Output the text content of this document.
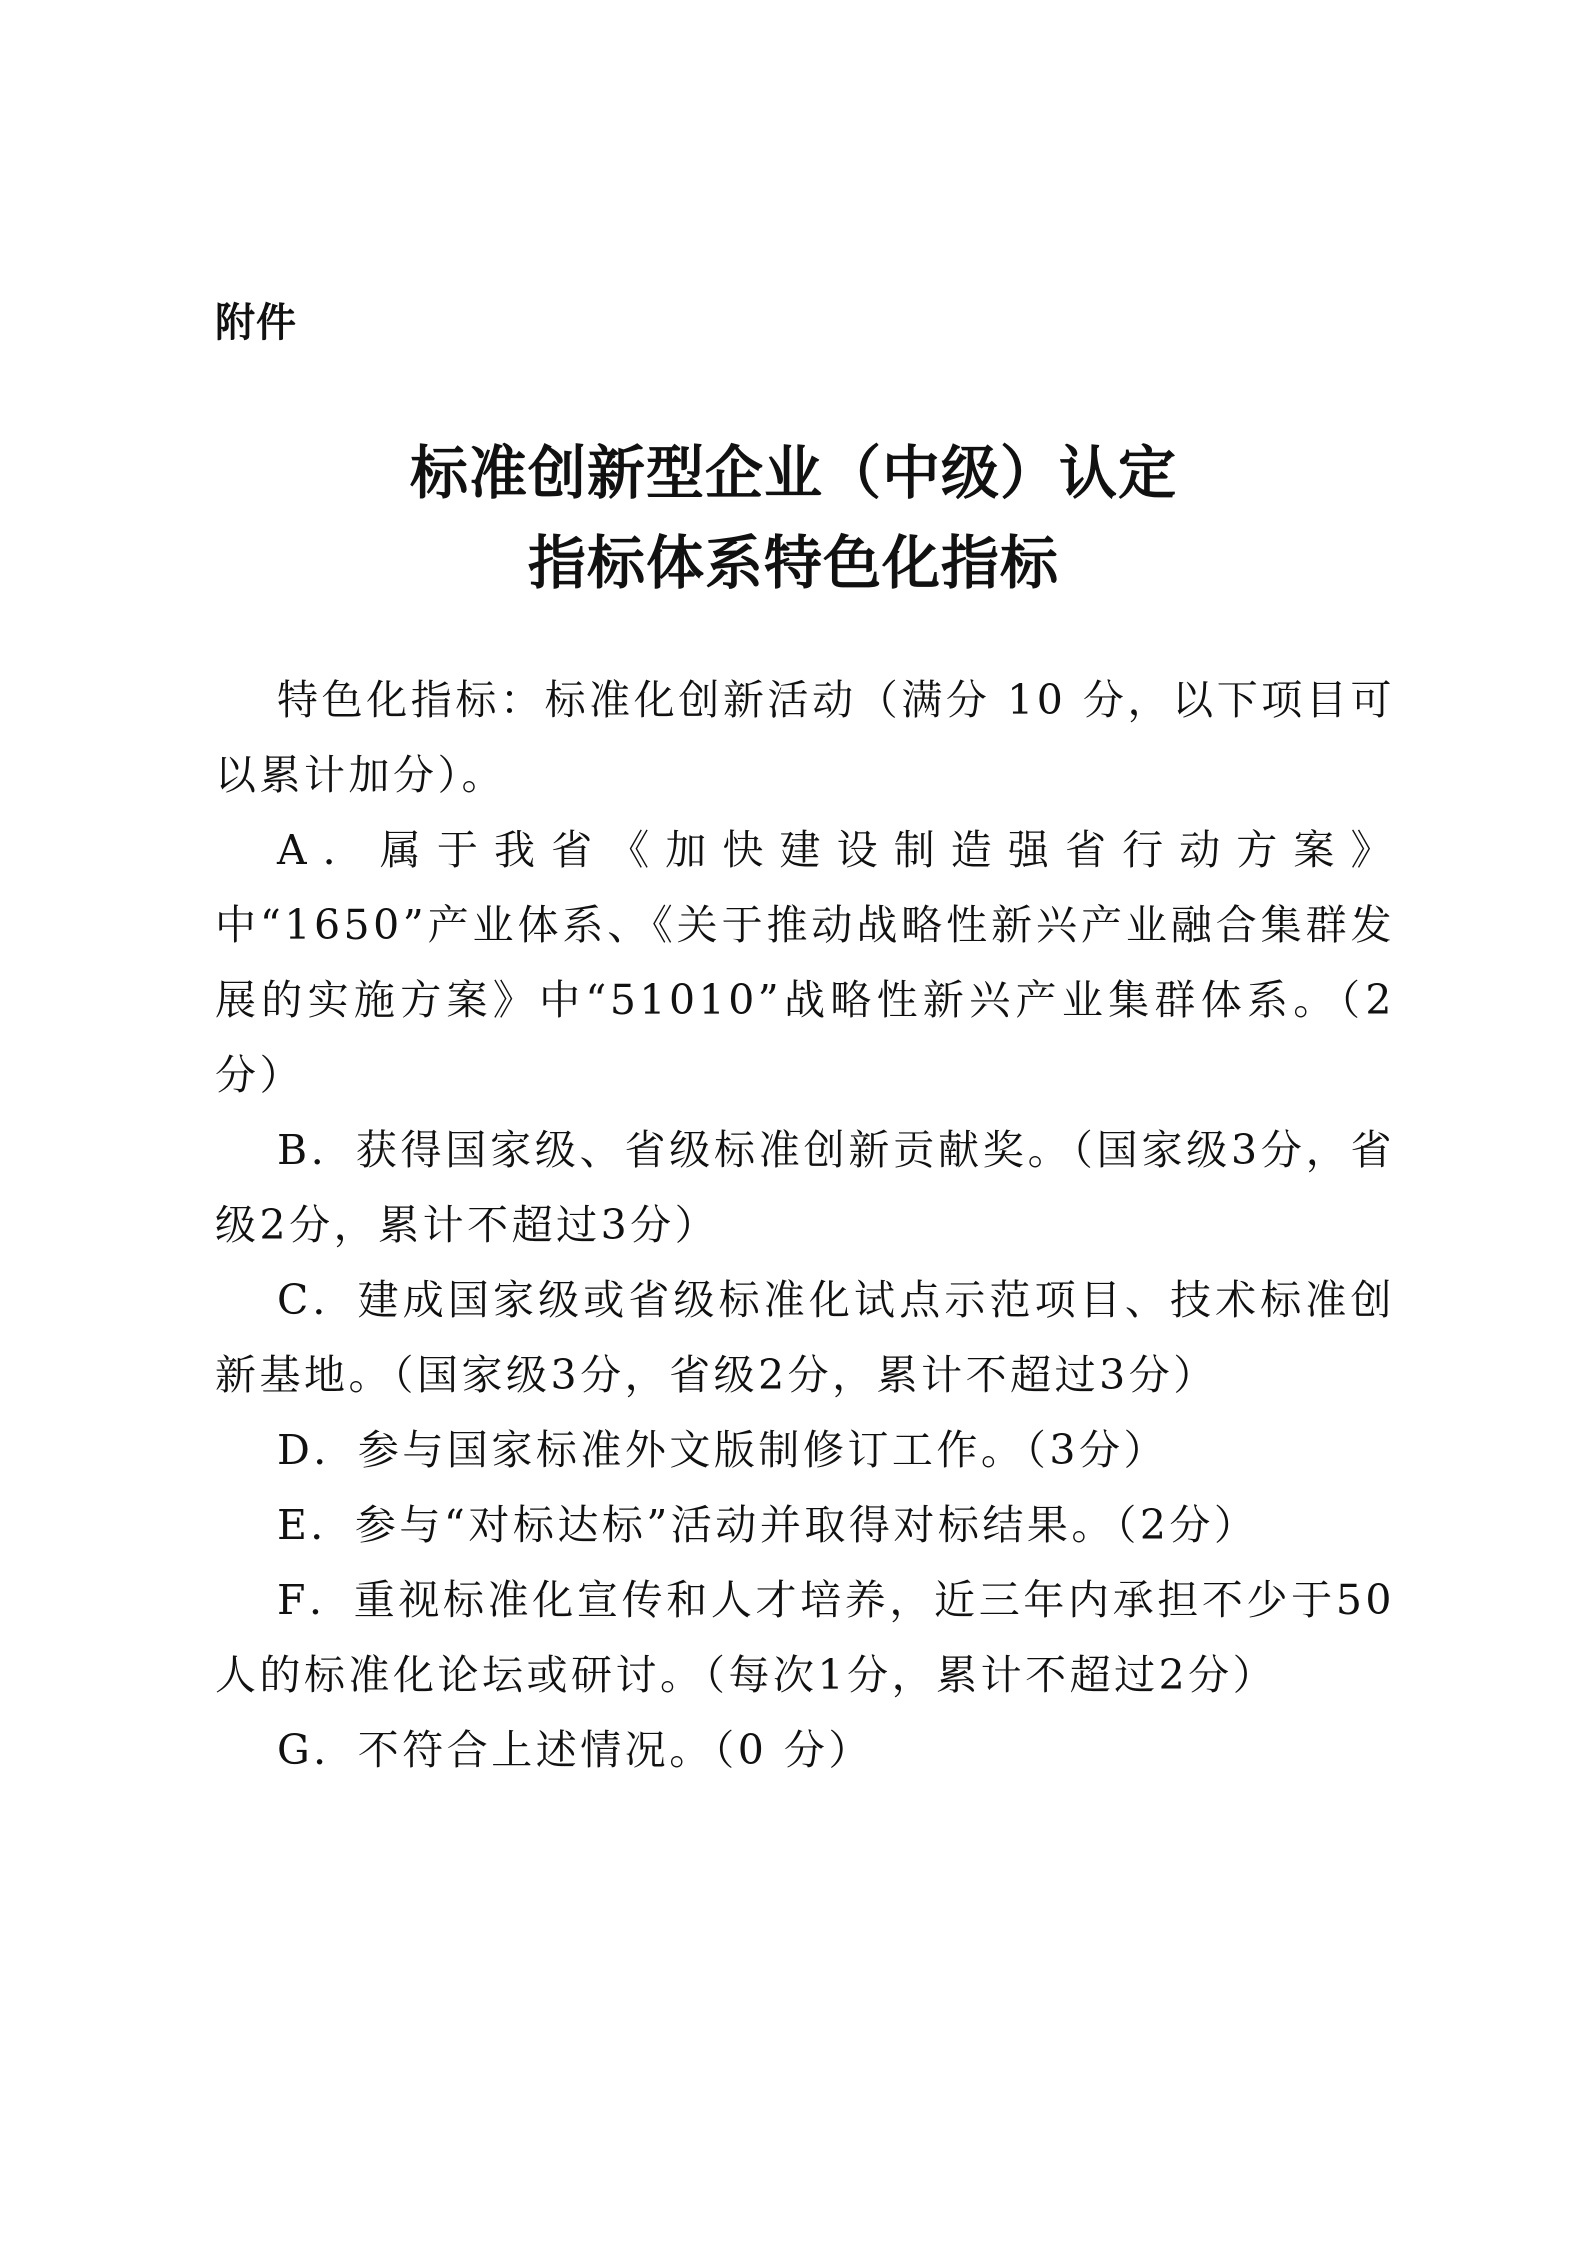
附件
标准创新型企业（中级）认定
指标体系特色化指标

特色化指标：标准化创新活动（满分 10 分，以下项目可以累计加分）。

A．属于我省《加快建设制造强省行动方案》中“1650”产业体系、《关于推动战略性新兴产业融合集群发展的实施方案》中“51010”战略性新兴产业集群体系。（2分）

B．获得国家级、省级标准创新贡献奖。（国家级3分，省级2分，累计不超过3分）

C．建成国家级或省级标准化试点示范项目、技术标准创新基地。（国家级3分，省级2分，累计不超过3分）

D．参与国家标准外文版制修订工作。（3分）

E．参与“对标达标”活动并取得对标结果。（2分）

F．重视标准化宣传和人才培养，近三年内承担不少于50人的标准化论坛或研讨。（每次1分，累计不超过2分）

G．不符合上述情况。（0 分）
